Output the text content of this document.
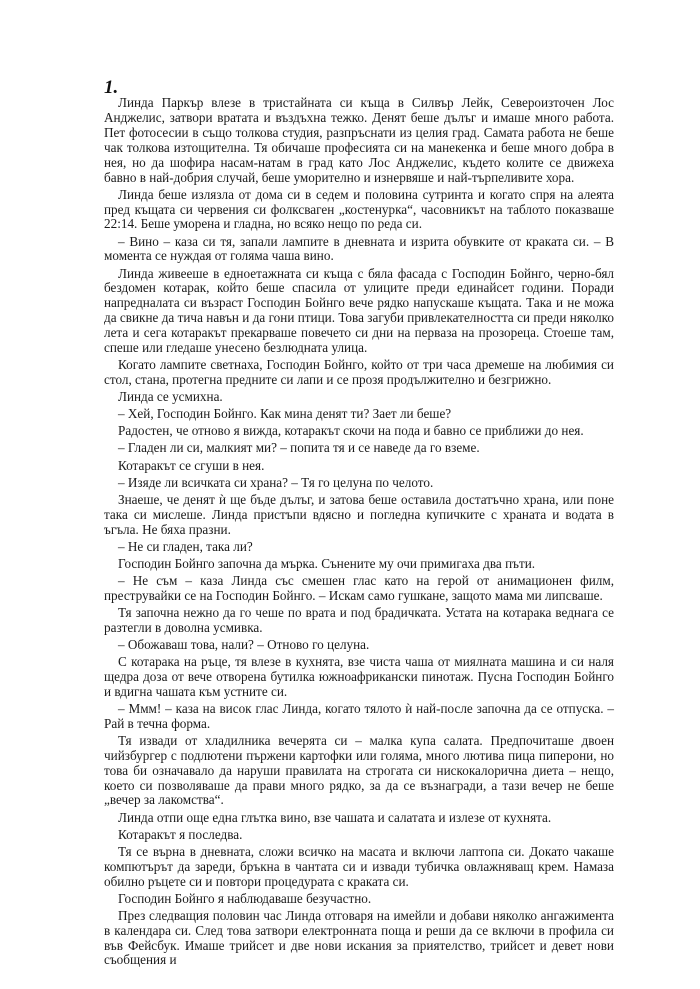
1.

Линда Паркър влезе в тристайната си къща в Силвър Лейк, Североизточен Лос Анджелис, затвори вратата и въздъхна тежко. Денят беше дълъг и имаше много работа. Пет фотосесии в също толкова студия, разпръснати из целия град. Самата работа не беше чак толкова изтощителна. Тя обичаше професията си на манекенка и беше много добра в нея, но да шофира насам-натам в град като Лос Анджелис, където колите се движеха бавно в най-добрия случай, беше уморително и изнервяше и най-търпеливите хора.

Линда беше излязла от дома си в седем и половина сутринта и когато спря на алеята пред къщата си червения си фолксваген „костенурка“, часовникът на таблото показваше 22:14. Беше уморена и гладна, но всяко нещо по реда си.

– Вино – каза си тя, запали лампите в дневната и изрита обувките от краката си. – В момента се нуждая от голяма чаша вино.

Линда живееше в едноетажната си къща с бяла фасада с Господин Бойнго, черно-бял бездомен котарак, който беше спасила от улиците преди единайсет години. Поради напредналата си възраст Господин Бойнго вече рядко напускаше къщата. Така и не можа да свикне да тича навън и да гони птици. Това загуби привлекателността си преди няколко лета и сега котаракът прекарваше повечето си дни на первaза на прозореца. Стоеше там, спеше или гледаше унесено безлюдната улица.

Когато лампите светнаха, Господин Бойнго, който от три часа дремеше на любимия си стол, стана, протегна предните си лапи и се прозя продължително и безгрижно.

Линда се усмихна.

– Хей, Господин Бойнго. Как мина денят ти? Зает ли беше?

Радостен, че отново я вижда, котаракът скочи на пода и бавно се приближи до нея.

– Гладен ли си, малкият ми? – попита тя и се наведе да го вземе.

Котаракът се сгуши в нея.

– Изяде ли всичката си храна? – Тя го целуна по челото.

Знаеше, че денят ѝ ще бъде дълъг, и затова беше оставила достатъчно храна, или поне така си мислеше. Линда пристъпи вдясно и погледна купичките с храната и водата в ъгъла. Не бяха празни.

– Не си гладен, така ли?

Господин Бойнго започна да мърка. Сънените му очи примигаха два пъти.

– Не съм – каза Линда със смешен глас като на герой от анимационен филм, преструвайки се на Господин Бойнго. – Искам само гушкане, защото мама ми липсваше.

Тя започна нежно да го чеше по врата и под брадичката. Устата на котарака веднага се разтегли в доволна усмивка.

– Обожаваш това, нали? – Отново го целуна.

С котарака на ръце, тя влезе в кухнята, взе чиста чаша от миялната машина и си наля щедра доза от вече отворена бутилка южноафрикански пинотаж. Пусна Господин Бойнго и вдигна чашата към устните си.

– Ммм! – каза на висок глас Линда, когато тялото ѝ най-после започна да се отпуска. – Рай в течна форма.

Тя извади от хладилника вечерята си – малка купа салата. Предпочиташе двоен чийзбургер с подлютени пържени картофки или голяма, много лютива пица пиперони, но това би означавало да наруши правилата на строгата си нискокалорична диета – нещо, което си позволяваше да прави много рядко, за да се възнагради, а тази вечер не беше „вечер за лакомства“.

Линда отпи още една глътка вино, взе чашата и салатата и излезе от кухнята.

Котаракът я последва.

Тя се върна в дневната, сложи всичко на масата и включи лаптопа си. Докато чакаше компютърът да зареди, бръкна в чантата си и извади тубичка овлажняващ крем. Намаза обилно ръцете си и повтори процедурата с краката си.

Господин Бойнго я наблюдаваше безучастно.

През следващия половин час Линда отговаря на имейли и добави няколко ангажимента в календара си. След това затвори електронната поща и реши да се включи в профила си във Фейсбук. Имаше трийсет и две нови искания за приятелство, трийсет и девет нови съобщения и
